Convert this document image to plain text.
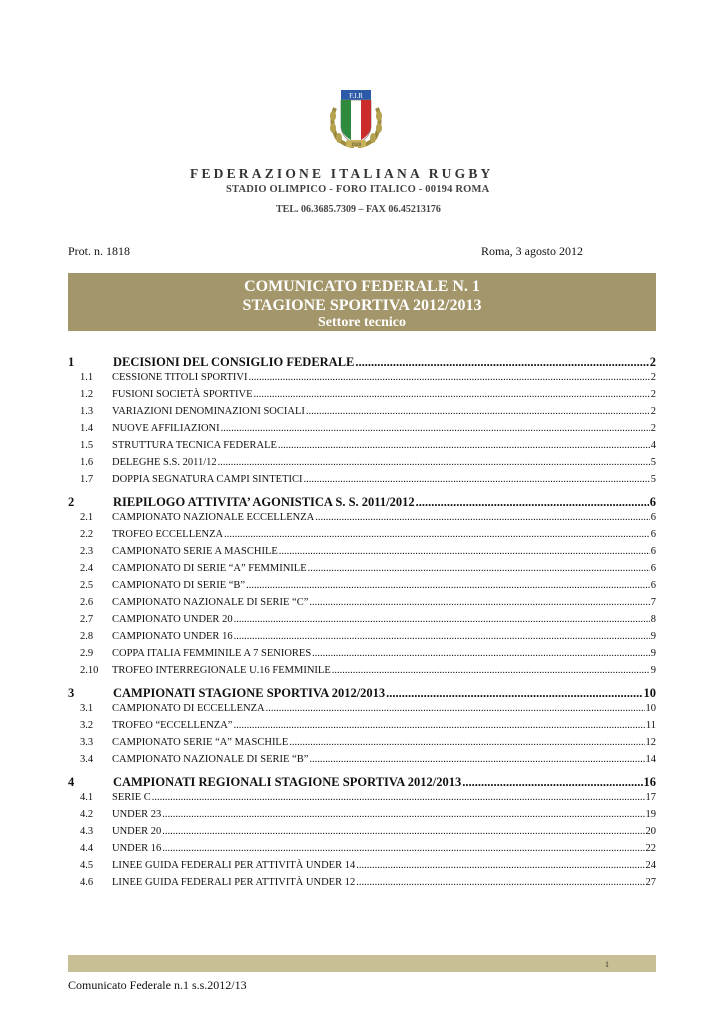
F.I.R
1928
FEDERAZIONE ITALIANA RUGBY
STADIO OLIMPICO - FORO ITALICO - 00194 ROMA
TEL. 06.3685.7309 – FAX 06.45213176
Prot. n. 1818	Roma, 3 agosto 2012
COMUNICATO FEDERALE N. 1
STAGIONE SPORTIVA 2012/2013
Settore tecnico
1	DECISIONI DEL CONSIGLIO FEDERALE .....	2
1.1	CESSIONE TITOLI SPORTIVI .....	2
1.2	FUSIONI SOCIETÀ SPORTIVE .....	2
1.3	VARIAZIONI DENOMINAZIONI SOCIALI .....	2
1.4	NUOVE AFFILIAZIONI .....	2
1.5	STRUTTURA TECNICA FEDERALE .....	4
1.6	DELEGHE S.S. 2011/12 .....	5
1.7	DOPPIA SEGNATURA CAMPI SINTETICI .....	5
2	RIEPILOGO ATTIVITA’ AGONISTICA S. S. 2011/2012 .....	6
2.1	CAMPIONATO NAZIONALE ECCELLENZA .....	6
2.2	TROFEO ECCELLENZA .....	6
2.3	CAMPIONATO SERIE A MASCHILE .....	6
2.4	CAMPIONATO DI SERIE “A” FEMMINILE .....	6
2.5	CAMPIONATO DI SERIE “B” .....	6
2.6	CAMPIONATO NAZIONALE DI SERIE “C” .....	7
2.7	CAMPIONATO UNDER 20 .....	8
2.8	CAMPIONATO UNDER 16 .....	9
2.9	COPPA ITALIA FEMMINILE A 7 SENIORES .....	9
2.10	TROFEO INTERREGIONALE U.16 FEMMINILE .....	9
3	CAMPIONATI STAGIONE SPORTIVA 2012/2013 .....	10
3.1	CAMPIONATO DI ECCELLENZA .....	10
3.2	TROFEO “ECCELLENZA” .....	11
3.3	CAMPIONATO SERIE “A” MASCHILE .....	12
3.4	CAMPIONATO NAZIONALE DI SERIE “B” .....	14
4	CAMPIONATI REGIONALI STAGIONE SPORTIVA 2012/2013 .....	16
4.1	SERIE C .....	17
4.2	UNDER 23 .....	19
4.3	UNDER 20 .....	20
4.4	UNDER 16 .....	22
4.5	LINEE GUIDA FEDERALI PER ATTIVITÀ UNDER 14 .....	24
4.6	LINEE GUIDA FEDERALI PER ATTIVITÀ UNDER 12 .....	27
1
Comunicato Federale n.1 s.s.2012/13
